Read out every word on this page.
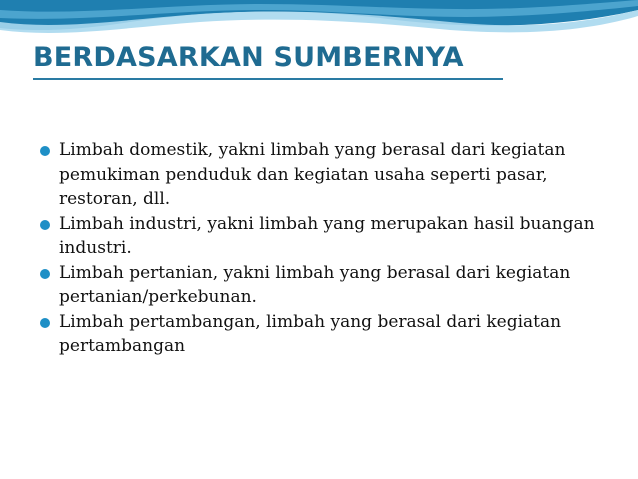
BERDASARKAN SUMBERNYA
Limbah domestik, yakni limbah yang berasal dari kegiatan pemukiman penduduk dan kegiatan usaha seperti pasar, restoran, dll.
Limbah industri, yakni limbah yang merupakan hasil buangan industri.
Limbah pertanian, yakni limbah yang berasal dari kegiatan pertanian/perkebunan.
Limbah pertambangan, limbah yang berasal dari kegiatan pertambangan
